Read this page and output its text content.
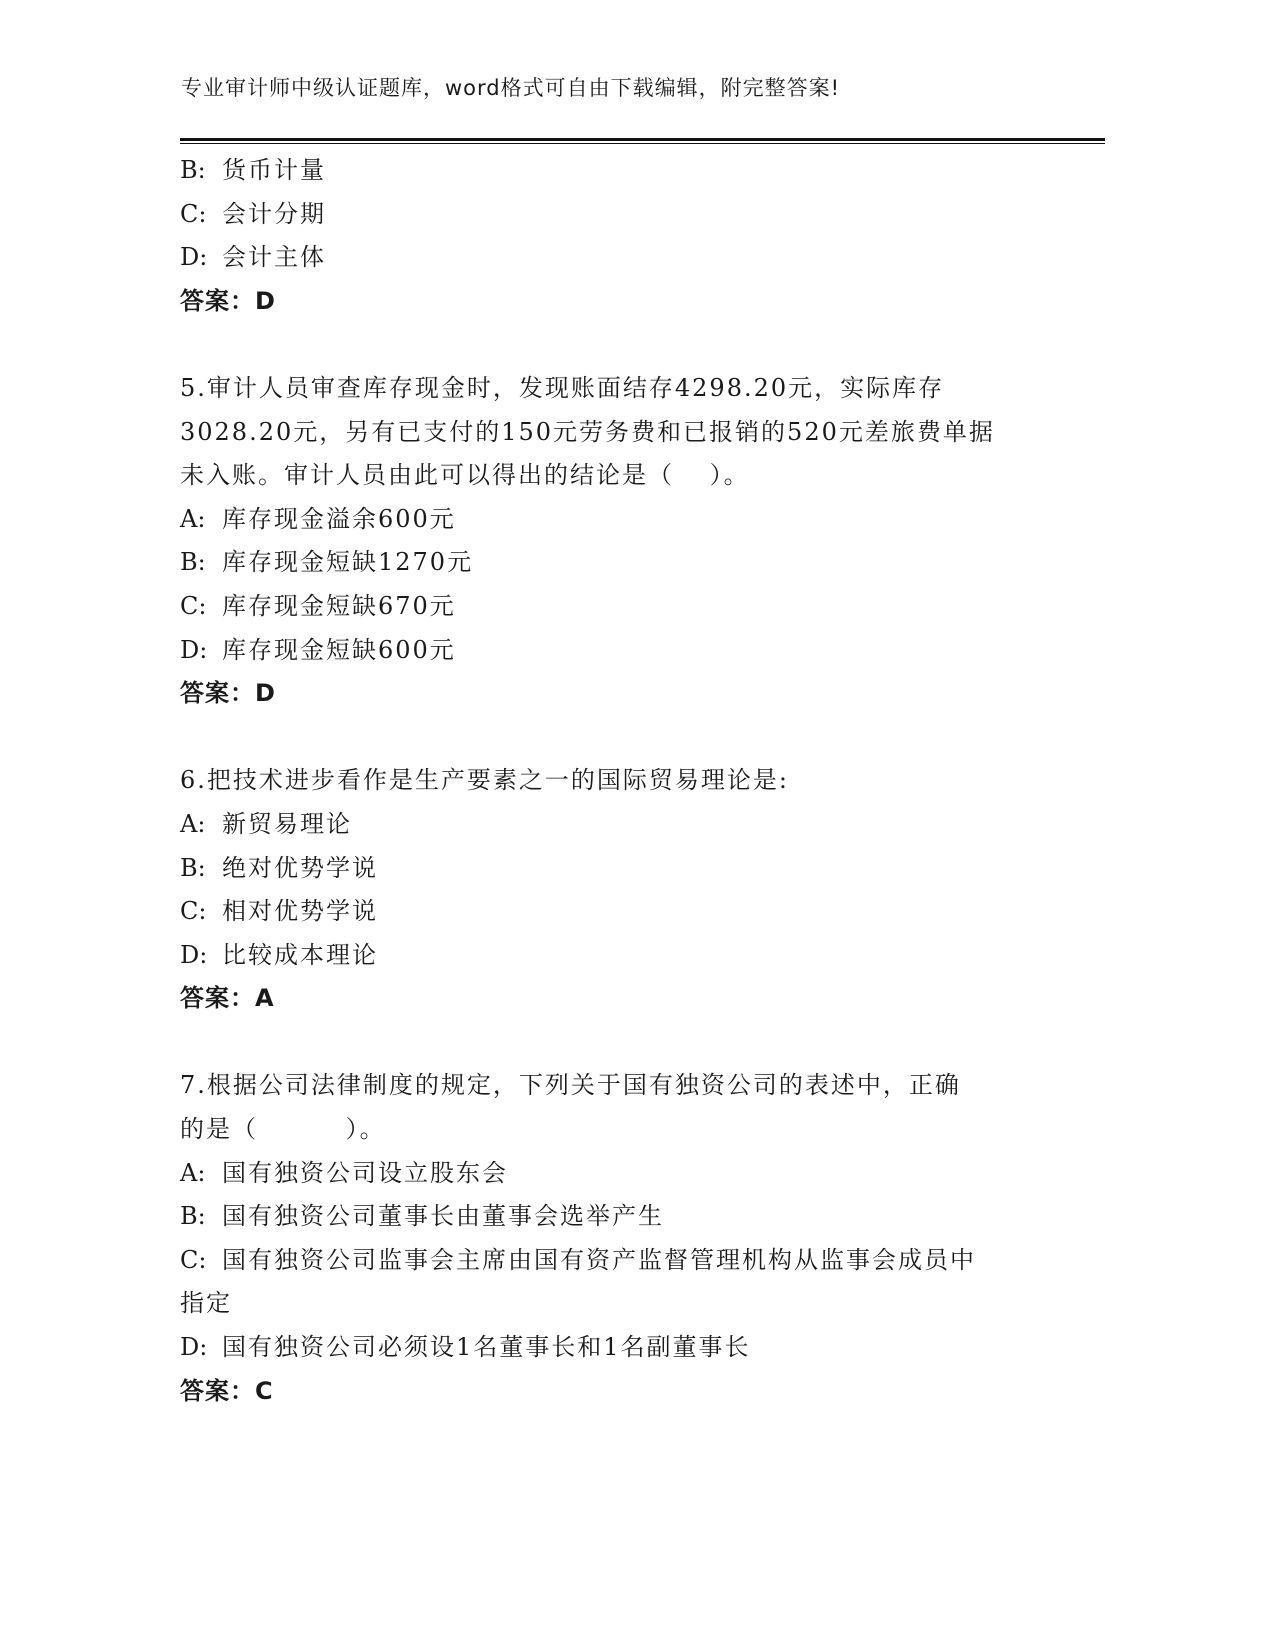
专业审计师中级认证题库，word格式可自由下载编辑，附完整答案!

B: 货币计量

C: 会计分期

D: 会计主体

答案：D

5.审计人员审查库存现金时，发现账面结存4298.20元，实际库存

3028.20元，另有已支付的150元劳务费和已报销的520元差旅费单据

未入账。审计人员由此可以得出的结论是（　 ）。

A: 库存现金溢余600元

B: 库存现金短缺1270元

C: 库存现金短缺670元

D: 库存现金短缺600元

答案：D

6.把技术进步看作是生产要素之一的国际贸易理论是:

A: 新贸易理论

B: 绝对优势学说

C: 相对优势学说

D: 比较成本理论

答案：A

7.根据公司法律制度的规定，下列关于国有独资公司的表述中，正确

的是（　　　 ）。

A: 国有独资公司设立股东会

B: 国有独资公司董事长由董事会选举产生

C: 国有独资公司监事会主席由国有资产监督管理机构从监事会成员中

指定

D: 国有独资公司必须设1名董事长和1名副董事长

答案：C
